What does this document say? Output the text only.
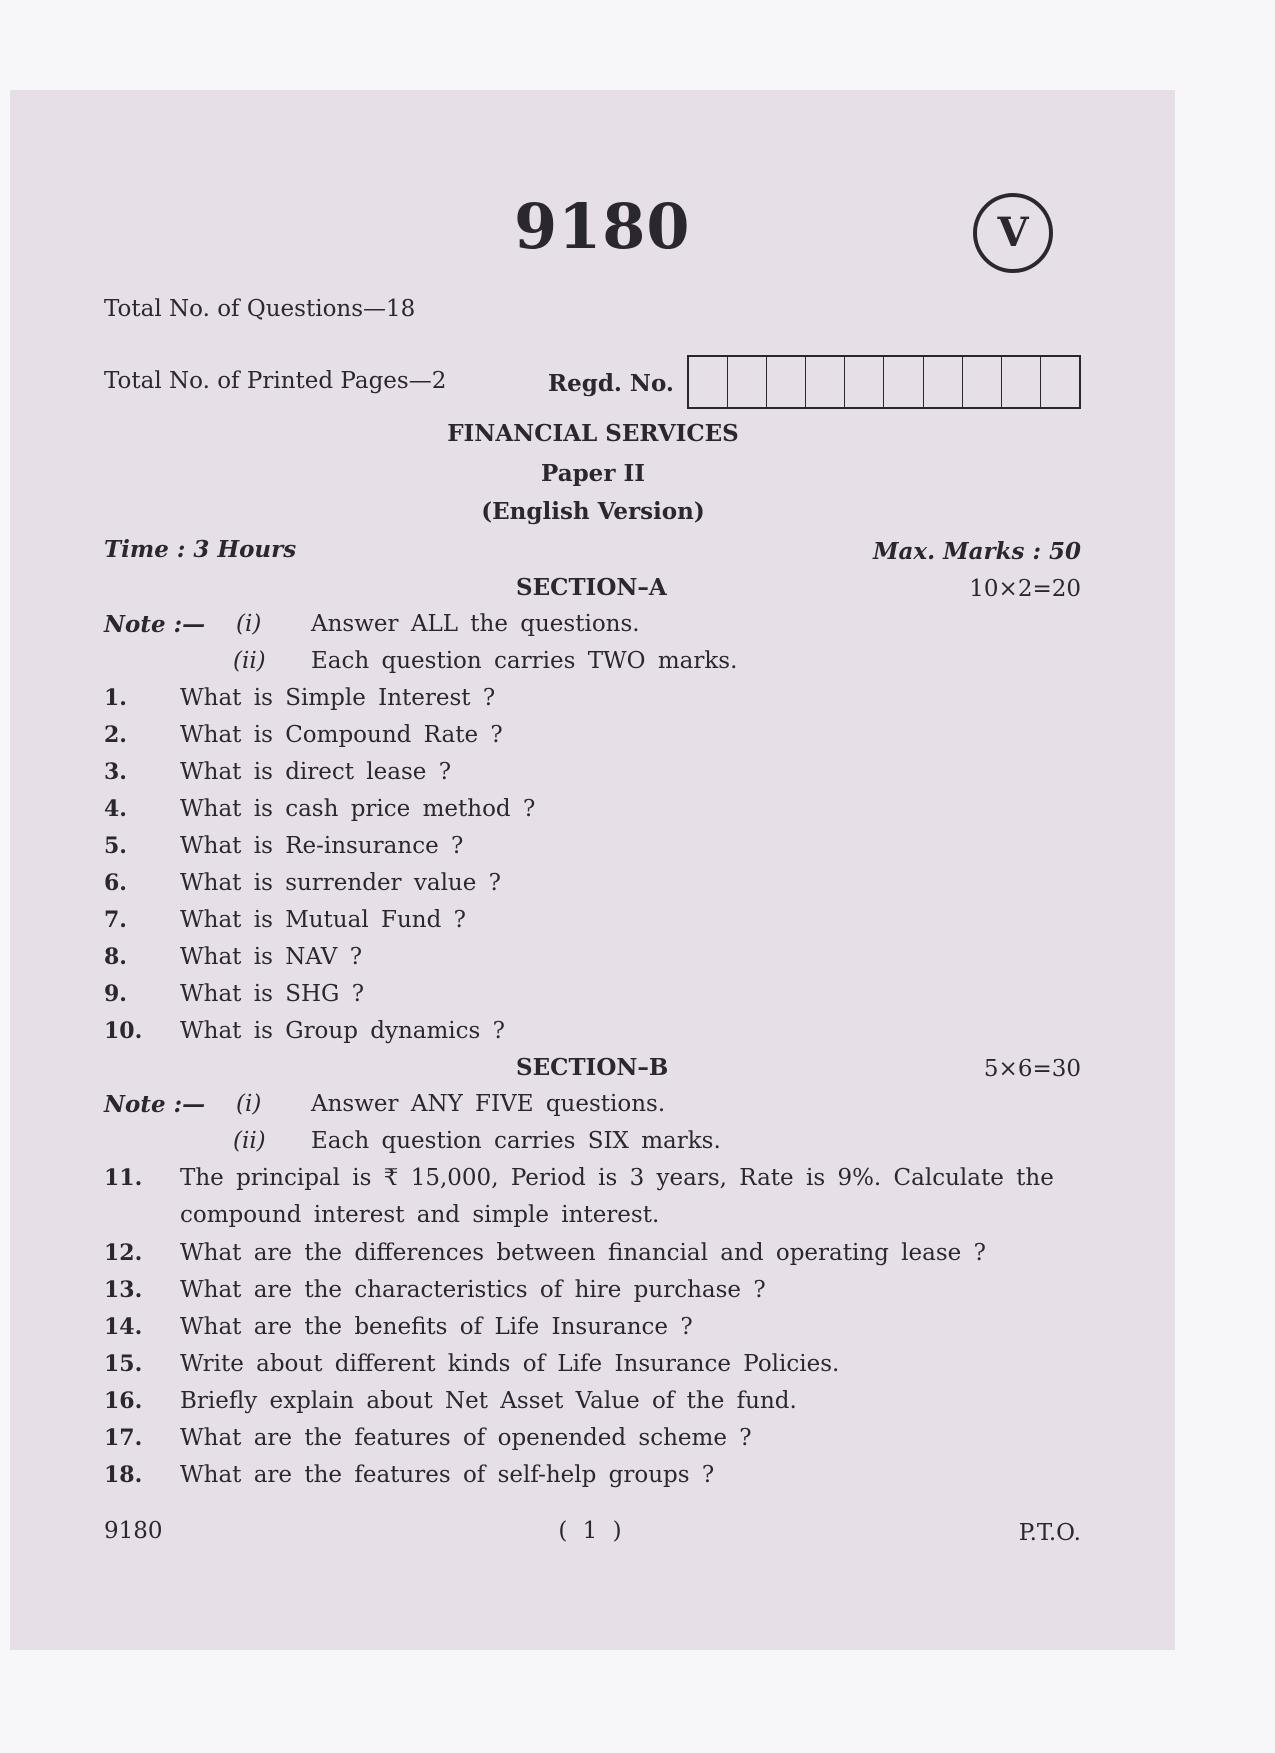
9180	V
Total No. of Questions—18
Total No. of Printed Pages—2	Regd. No.
FINANCIAL SERVICES
Paper II
(English Version)
Time : 3 Hours	Max. Marks : 50
SECTION–A	10×2=20
Note :— (i) Answer ALL the questions.
(ii) Each question carries TWO marks.
1. What is Simple Interest ?
2. What is Compound Rate ?
3. What is direct lease ?
4. What is cash price method ?
5. What is Re-insurance ?
6. What is surrender value ?
7. What is Mutual Fund ?
8. What is NAV ?
9. What is SHG ?
10. What is Group dynamics ?
SECTION–B	5×6=30
Note :— (i) Answer ANY FIVE questions.
(ii) Each question carries SIX marks.
11. The principal is ₹ 15,000, Period is 3 years, Rate is 9%. Calculate the
compound interest and simple interest.
12. What are the differences between financial and operating lease ?
13. What are the characteristics of hire purchase ?
14. What are the benefits of Life Insurance ?
15. Write about different kinds of Life Insurance Policies.
16. Briefly explain about Net Asset Value of the fund.
17. What are the features of openended scheme ?
18. What are the features of self-help groups ?
9180	( 1 )	P.T.O.
